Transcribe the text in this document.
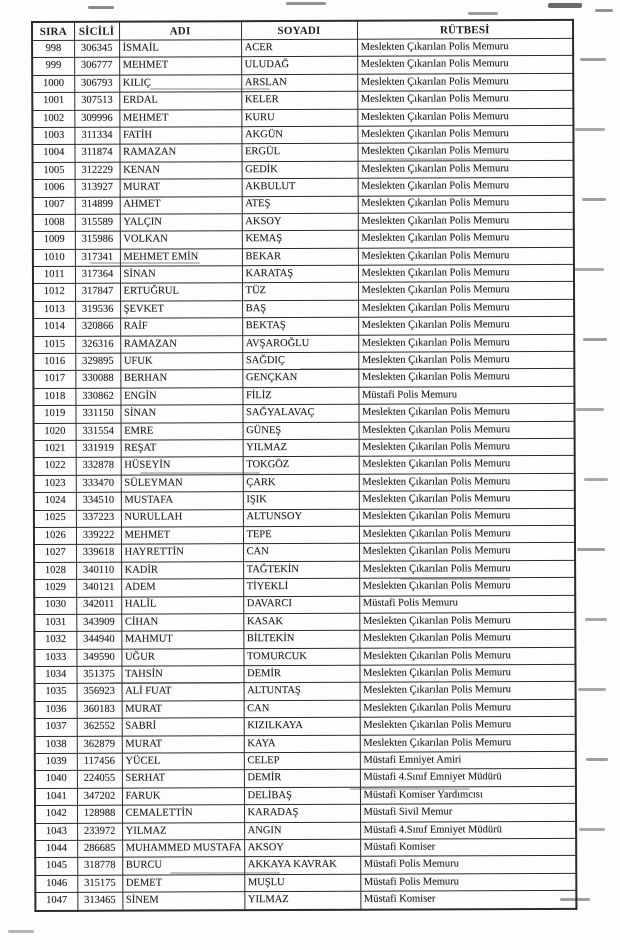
SIRA	SİCİLİ	ADI	SOYADI	RÜTBESİ
998	306345	İSMAİL	ACER	Meslekten Çıkarılan Polis Memuru
999	306777	MEHMET	ULUDAĞ	Meslekten Çıkarılan Polis Memuru
1000	306793	KILIÇ	ARSLAN	Meslekten Çıkarılan Polis Memuru
1001	307513	ERDAL	KELER	Meslekten Çıkarılan Polis Memuru
1002	309996	MEHMET	KURU	Meslekten Çıkarılan Polis Memuru
1003	311334	FATİH	AKGÜN	Meslekten Çıkarılan Polis Memuru
1004	311874	RAMAZAN	ERGÜL	Meslekten Çıkarılan Polis Memuru
1005	312229	KENAN	GEDİK	Meslekten Çıkarılan Polis Memuru
1006	313927	MURAT	AKBULUT	Meslekten Çıkarılan Polis Memuru
1007	314899	AHMET	ATEŞ	Meslekten Çıkarılan Polis Memuru
1008	315589	YALÇIN	AKSOY	Meslekten Çıkarılan Polis Memuru
1009	315986	VOLKAN	KEMAŞ	Meslekten Çıkarılan Polis Memuru
1010	317341	MEHMET EMİN	BEKAR	Meslekten Çıkarılan Polis Memuru
1011	317364	SİNAN	KARATAŞ	Meslekten Çıkarılan Polis Memuru
1012	317847	ERTUĞRUL	TÜZ	Meslekten Çıkarılan Polis Memuru
1013	319536	ŞEVKET	BAŞ	Meslekten Çıkarılan Polis Memuru
1014	320866	RAİF	BEKTAŞ	Meslekten Çıkarılan Polis Memuru
1015	326316	RAMAZAN	AVŞAROĞLU	Meslekten Çıkarılan Polis Memuru
1016	329895	UFUK	SAĞDIÇ	Meslekten Çıkarılan Polis Memuru
1017	330088	BERHAN	GENÇKAN	Meslekten Çıkarılan Polis Memuru
1018	330862	ENGİN	FİLİZ	Müstafi Polis Memuru
1019	331150	SİNAN	SAĞYALAVAÇ	Meslekten Çıkarılan Polis Memuru
1020	331554	EMRE	GÜNEŞ	Meslekten Çıkarılan Polis Memuru
1021	331919	REŞAT	YILMAZ	Meslekten Çıkarılan Polis Memuru
1022	332878	HÜSEYİN	TOKGÖZ	Meslekten Çıkarılan Polis Memuru
1023	333470	SÜLEYMAN	ÇARK	Meslekten Çıkarılan Polis Memuru
1024	334510	MUSTAFA	IŞIK	Meslekten Çıkarılan Polis Memuru
1025	337223	NURULLAH	ALTUNSOY	Meslekten Çıkarılan Polis Memuru
1026	339222	MEHMET	TEPE	Meslekten Çıkarılan Polis Memuru
1027	339618	HAYRETTİN	CAN	Meslekten Çıkarılan Polis Memuru
1028	340110	KADİR	TAĞTEKİN	Meslekten Çıkarılan Polis Memuru
1029	340121	ADEM	TİYEKLİ	Meslekten Çıkarılan Polis Memuru
1030	342011	HALİL	DAVARCI	Müstafi Polis Memuru
1031	343909	CİHAN	KASAK	Meslekten Çıkarılan Polis Memuru
1032	344940	MAHMUT	BİLTEKİN	Meslekten Çıkarılan Polis Memuru
1033	349590	UĞUR	TOMURCUK	Meslekten Çıkarılan Polis Memuru
1034	351375	TAHSİN	DEMİR	Meslekten Çıkarılan Polis Memuru
1035	356923	ALİ FUAT	ALTUNTAŞ	Meslekten Çıkarılan Polis Memuru
1036	360183	MURAT	CAN	Meslekten Çıkarılan Polis Memuru
1037	362552	SABRİ	KIZILKAYA	Meslekten Çıkarılan Polis Memuru
1038	362879	MURAT	KAYA	Meslekten Çıkarılan Polis Memuru
1039	117456	YÜCEL	CELEP	Müstafi Emniyet Amiri
1040	224055	SERHAT	DEMİR	Müstafi 4.Sınıf Emniyet Müdürü
1041	347202	FARUK	DELİBAŞ	Müstafi Komiser Yardımcısı
1042	128988	CEMALETTİN	KARADAŞ	Müstafi Sivil Memur
1043	233972	YILMAZ	ANGIN	Müstafi 4.Sınıf Emniyet Müdürü
1044	286685	MUHAMMED MUSTAFA	AKSOY	Müstafi Komiser
1045	318778	BURCU	AKKAYA KAVRAK	Müstafi Polis Memuru
1046	315175	DEMET	MUŞLU	Müstafi Polis Memuru
1047	313465	SİNEM	YILMAZ	Müstafi Komiser
